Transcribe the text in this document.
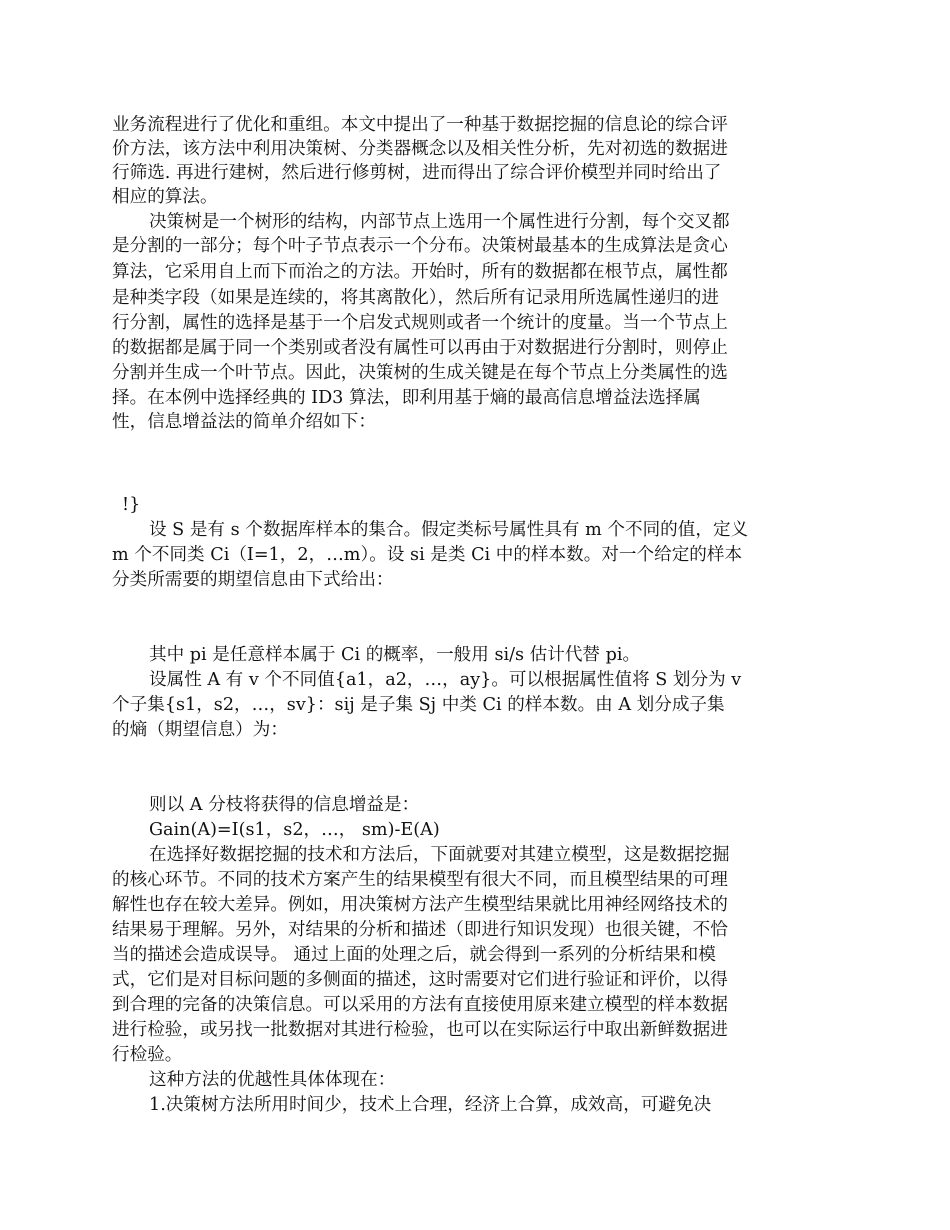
业务流程进行了优化和重组。本文中提出了一种基于数据挖掘的信息论的综合评
价方法，该方法中利用决策树、分类器概念以及相关性分析，先对初选的数据进
行筛选. 再进行建树，然后进行修剪树，进而得出了综合评价模型并同时给出了
相应的算法。
决策树是一个树形的结构，内部节点上选用一个属性进行分割，每个交叉都
是分割的一部分；每个叶子节点表示一个分布。决策树最基本的生成算法是贪心
算法，它采用自上而下而治之的方法。开始时，所有的数据都在根节点，属性都
是种类字段（如果是连续的，将其离散化），然后所有记录用所选属性递归的进
行分割，属性的选择是基于一个启发式规则或者一个统计的度量。当一个节点上
的数据都是属于同一个类别或者没有属性可以再由于对数据进行分割时，则停止
分割并生成一个叶节点。因此，决策树的生成关键是在每个节点上分类属性的选
择。在本例中选择经典的 ID3 算法，即利用基于熵的最高信息增益法选择属
性，信息增益法的简单介绍如下：
!}
设 S 是有 s 个数据库样本的集合。假定类标号属性具有 m 个不同的值，定义
m 个不同类 Ci（I=1，2，…m）。设 si 是类 Ci 中的样本数。对一个给定的样本
分类所需要的期望信息由下式给出：
其中 pi 是任意样本属于 Ci 的概率，一般用 si/s 估计代替 pi。
设属性 A 有 v 个不同值{a1，a2，…，ay}。可以根据属性值将 S 划分为 v
个子集{s1，s2，…，sv}：sij 是子集 Sj 中类 Ci 的样本数。由 A 划分成子集
的熵（期望信息）为：
则以 A 分枝将获得的信息增益是：
Gain(A)=I(s1，s2，…， sm)-E(A)
在选择好数据挖掘的技术和方法后，下面就要对其建立模型，这是数据挖掘
的核心环节。不同的技术方案产生的结果模型有很大不同，而且模型结果的可理
解性也存在较大差异。例如，用决策树方法产生模型结果就比用神经网络技术的
结果易于理解。另外，对结果的分析和描述（即进行知识发现）也很关键，不恰
当的描述会造成误导。 通过上面的处理之后，就会得到一系列的分析结果和模
式，它们是对目标问题的多侧面的描述，这时需要对它们进行验证和评价，以得
到合理的完备的决策信息。可以采用的方法有直接使用原来建立模型的样本数据
进行检验，或另找一批数据对其进行检验，也可以在实际运行中取出新鲜数据进
行检验。
这种方法的优越性具体体现在：
1.决策树方法所用时间少，技术上合理，经济上合算，成效高，可避免决
